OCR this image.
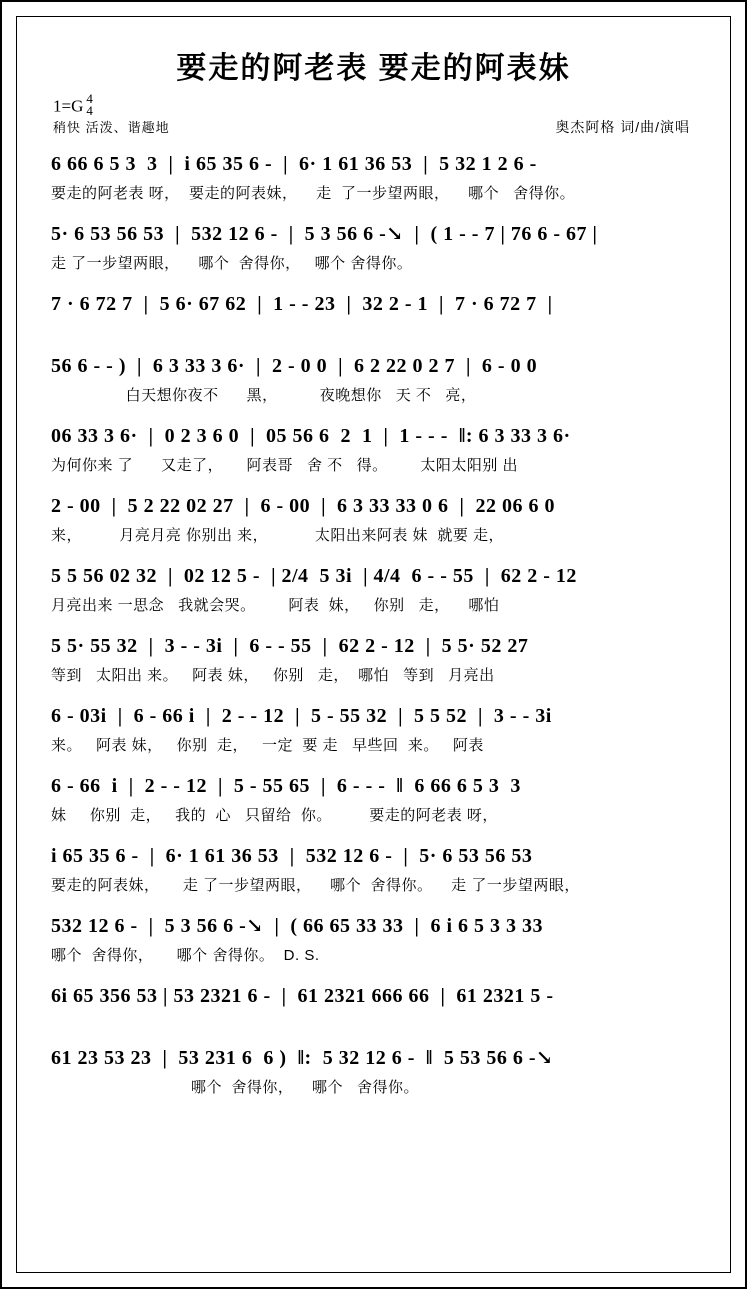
要走的阿老表 要走的阿表妹
1=G 4
4
稍快 活泼、谐趣地	奥杰阿格 词/曲/演唱
6 66 6 5 3  3  |  i 65 35 6 -  |  6· 1 61 36 53  |  5 32 1 2 6 -
要走的阿老表 呀，  要走的阿表妹，    走  了一步望两眼，    哪个   舍得你。
5· 6 53 56 53  |  532 12 6 -  |  5 3 56 6 -↘  |  ( 1 - - 7 | 76 6 - 67 |
走 了一步望两眼，    哪个  舍得你，   哪个 舍得你。
7 · 6 72 7  |  5 6· 67 62  |  1 - - 23  |  32 2 - 1  |  7 · 6 72 7  |
56 6 - - )  |  6 3 33 3 6·  |  2 - 0 0  |  6 2 22 0 2 7  |  6 - 0 0
白天想你夜不      黑，         夜晚想你   天 不   亮，
06 33 3 6·  |  0 2 3 6 0  |  05 56 6  2  1  |  1 - - -  ‖: 6 3 33 3 6·
为何你来 了      又走了，     阿表哥   舍 不   得。       太阳太阳别 出
2 - 00  |  5 2 22 02 27  |  6 - 00  |  6 3 33 33 0 6  |  22 06 6 0
来，        月亮月亮 你别出 来，          太阳出来阿表 妹  就要 走，
5 5 56 02 32  |  02 12 5 -  | 2/4  5 3i  | 4/4  6 - - 55  |  62 2 - 12
月亮出来 一思念   我就会哭。       阿表  妹，   你别   走，    哪怕
5 5· 55 32  |  3 - - 3i  |  6 - - 55  |  62 2 - 12  |  5 5· 52 27
等到   太阳出 来。   阿表 妹，   你别   走，  哪怕   等到   月亮出
6 - 03i  |  6 - 66 i  |  2 - - 12  |  5 - 55 32  |  5 5 52  |  3 - - 3i
来。   阿表 妹，   你别  走，   一定  要 走   早些回  来。   阿表
6 - 66  i  |  2 - - 12  |  5 - 55 65  |  6 - - -  ‖  6 66 6 5 3  3
妹     你别  走，   我的  心   只留给  你。        要走的阿老表 呀，
i 65 35 6 -  |  6· 1 61 36 53  |  532 12 6 -  |  5· 6 53 56 53
要走的阿表妹，     走 了一步望两眼，    哪个  舍得你。    走 了一步望两眼，
532 12 6 -  |  5 3 56 6 -↘  |  ( 66 65 33 33  |  6 i 6 5 3 3 33
哪个  舍得你，     哪个 舍得你。  D. S.
6i 65 356 53 | 53 2321 6 -  |  61 2321 666 66  |  61 2321 5 -
61 23 53 23  |  53 231 6  6 )  ‖:  5 32 12 6 -  ‖  5 53 56 6 -↘
哪个  舍得你，    哪个   舍得你。
